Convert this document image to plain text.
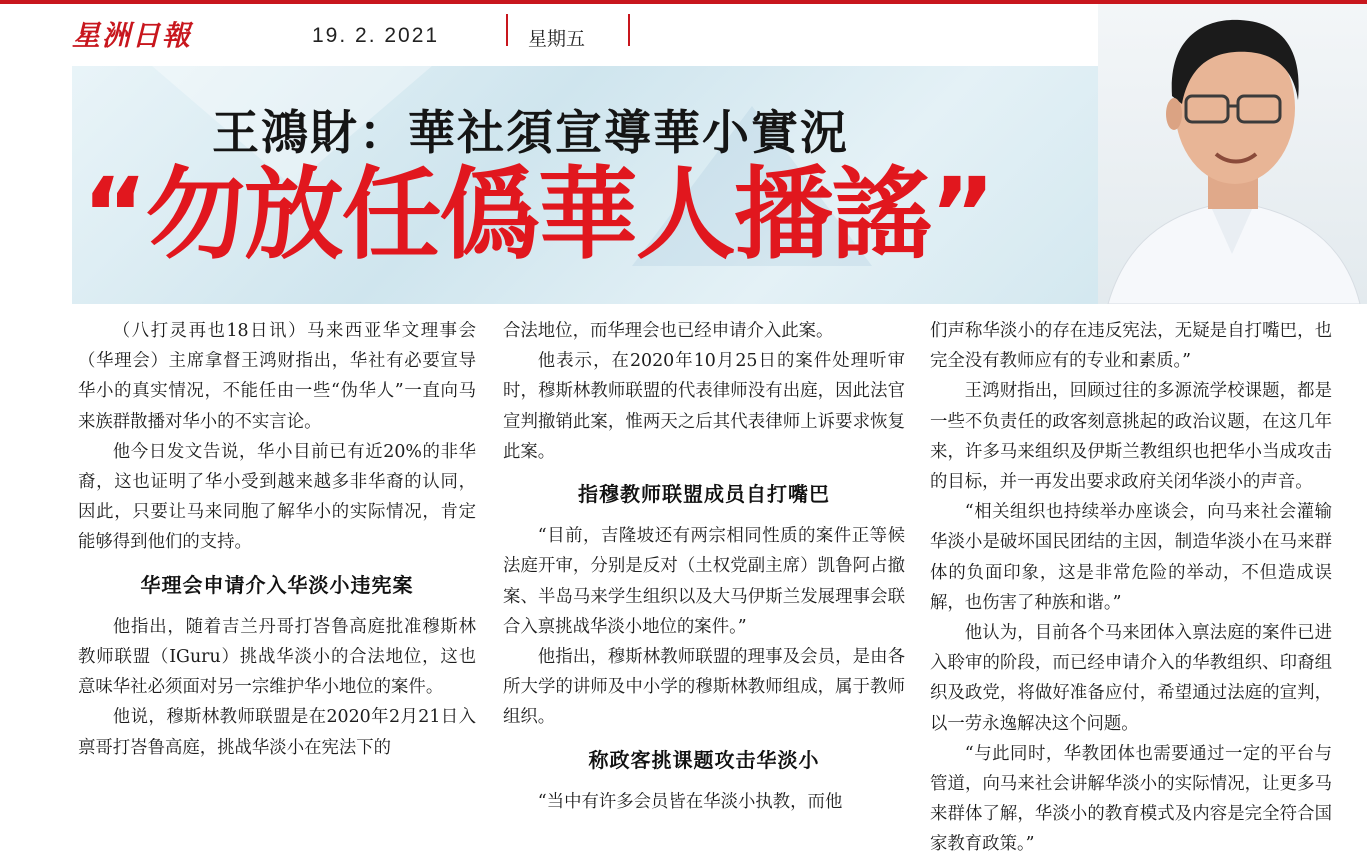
星洲日報	19. 2. 2021	星期五
王鴻財：華社須宣導華小實況
“勿放任僞華人播謠”

（八打灵再也18日讯）马来西亚华文理事会（华理会）主席拿督王鸿财指出，华社有必要宣导华小的真实情况，不能任由一些“伪华人”一直向马来族群散播对华小的不实言论。

他今日发文告说，华小目前已有近20%的非华裔，这也证明了华小受到越来越多非华裔的认同，因此，只要让马来同胞了解华小的实际情况，肯定能够得到他们的支持。

华理会申请介入华淡小违宪案

他指出，随着吉兰丹哥打峇鲁高庭批准穆斯林教师联盟（IGuru）挑战华淡小的合法地位，这也意味华社必须面对另一宗维护华小地位的案件。

他说，穆斯林教师联盟是在2020年2月21日入禀哥打峇鲁高庭，挑战华淡小在宪法下的

合法地位，而华理会也已经申请介入此案。

他表示，在2020年10月25日的案件处理听审时，穆斯林教师联盟的代表律师没有出庭，因此法官宣判撤销此案，惟两天之后其代表律师上诉要求恢复此案。

指穆教师联盟成员自打嘴巴

“目前，吉隆坡还有两宗相同性质的案件正等候法庭开审，分别是反对（土权党副主席）凯鲁阿占撤案、半岛马来学生组织以及大马伊斯兰发展理事会联合入禀挑战华淡小地位的案件。”

他指出，穆斯林教师联盟的理事及会员，是由各所大学的讲师及中小学的穆斯林教师组成，属于教师组织。

称政客挑课题攻击华淡小

“当中有许多会员皆在华淡小执教，而他

们声称华淡小的存在违反宪法，无疑是自打嘴巴，也完全没有教师应有的专业和素质。”

王鸿财指出，回顾过往的多源流学校课题，都是一些不负责任的政客刻意挑起的政治议题，在这几年来，许多马来组织及伊斯兰教组织也把华小当成攻击的目标，并一再发出要求政府关闭华淡小的声音。

“相关组织也持续举办座谈会，向马来社会灌输华淡小是破坏国民团结的主因，制造华淡小在马来群体的负面印象，这是非常危险的举动，不但造成误解，也伤害了种族和谐。”

他认为，目前各个马来团体入禀法庭的案件已进入聆审的阶段，而已经申请介入的华教组织、印裔组织及政党，将做好准备应付，希望通过法庭的宣判，以一劳永逸解决这个问题。

“与此同时，华教团体也需要通过一定的平台与管道，向马来社会讲解华淡小的实际情况，让更多马来群体了解，华淡小的教育模式及内容是完全符合国家教育政策。”
